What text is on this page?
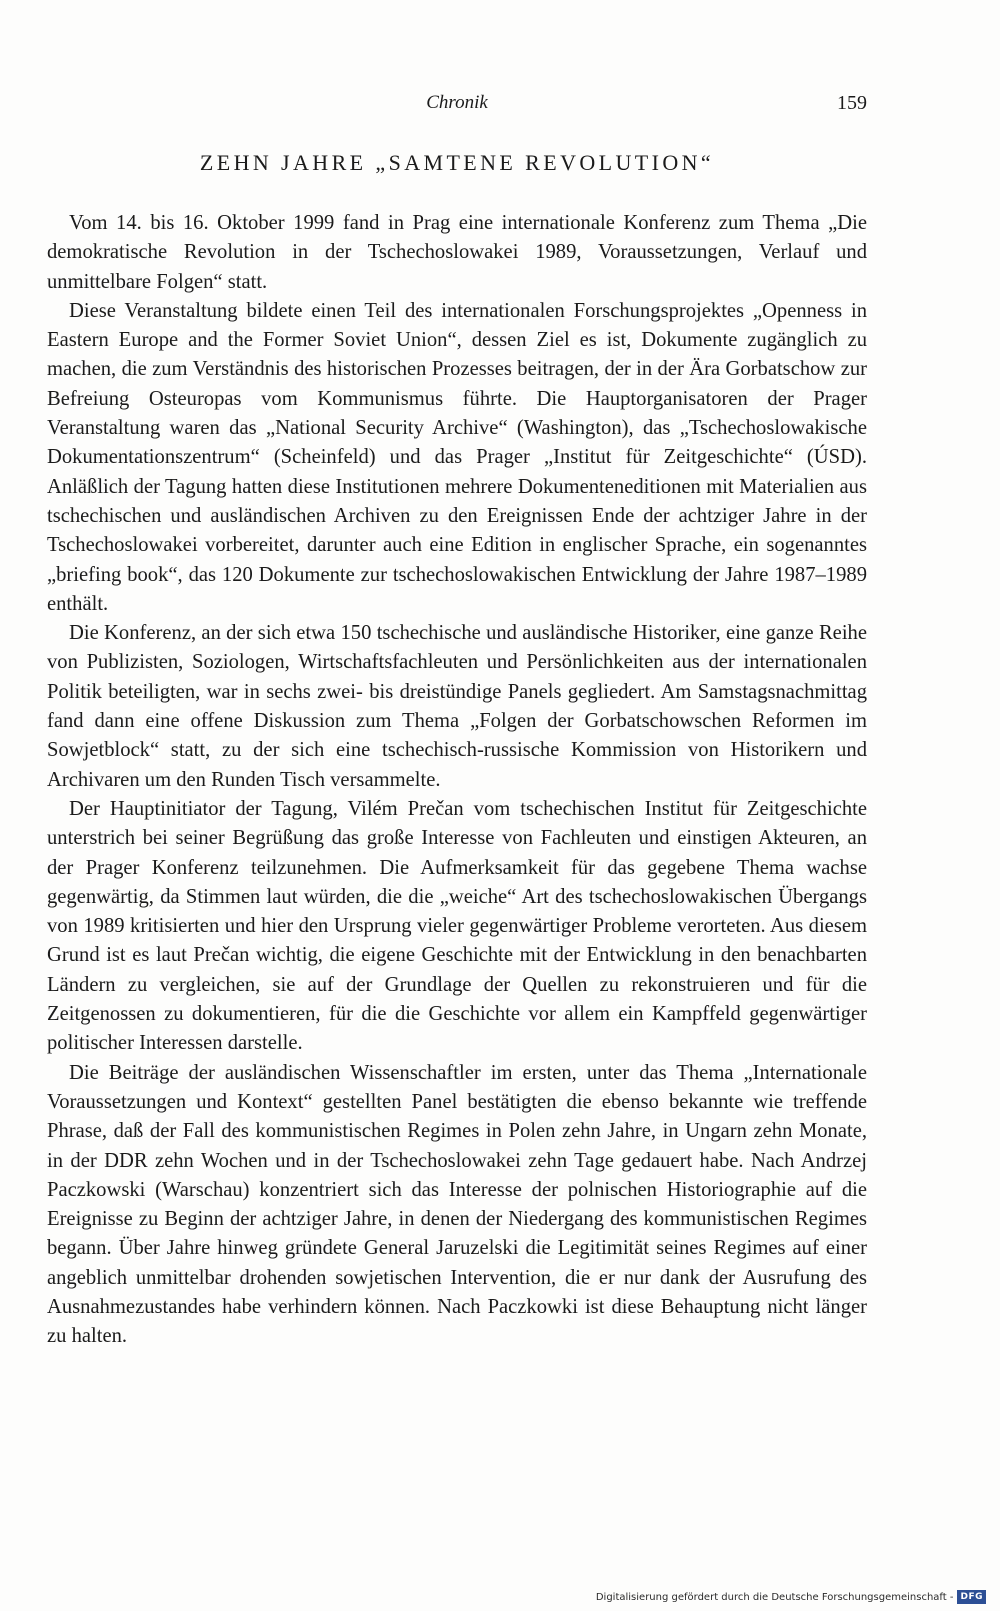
Chronik	159
ZEHN JAHRE „SAMTENE REVOLUTION“

Vom 14. bis 16. Oktober 1999 fand in Prag eine internationale Konferenz zum Thema „Die demokratische Revolution in der Tschechoslowakei 1989, Voraussetzungen, Verlauf und unmittelbare Folgen“ statt.

Diese Veranstaltung bildete einen Teil des internationalen Forschungsprojektes „Openness in Eastern Europe and the Former Soviet Union“, dessen Ziel es ist, Dokumente zugänglich zu machen, die zum Verständnis des historischen Prozesses beitragen, der in der Ära Gorbatschow zur Befreiung Osteuropas vom Kommunismus führte. Die Hauptorganisatoren der Prager Veranstaltung waren das „National Security Archive“ (Washington), das „Tschechoslowakische Dokumentationszentrum“ (Scheinfeld) und das Prager „Institut für Zeitgeschichte“ (ÚSD). Anläßlich der Tagung hatten diese Institutionen mehrere Dokumenteneditionen mit Materialien aus tschechischen und ausländischen Archiven zu den Ereignissen Ende der achtziger Jahre in der Tschechoslowakei vorbereitet, darunter auch eine Edition in englischer Sprache, ein sogenanntes „briefing book“, das 120 Dokumente zur tschechoslowakischen Entwicklung der Jahre 1987–1989 enthält.

Die Konferenz, an der sich etwa 150 tschechische und ausländische Historiker, eine ganze Reihe von Publizisten, Soziologen, Wirtschaftsfachleuten und Persönlichkeiten aus der internationalen Politik beteiligten, war in sechs zwei- bis dreistündige Panels gegliedert. Am Samstagsnachmittag fand dann eine offene Diskussion zum Thema „Folgen der Gorbatschowschen Reformen im Sowjetblock“ statt, zu der sich eine tschechisch-russische Kommission von Historikern und Archivaren um den Runden Tisch versammelte.

Der Hauptinitiator der Tagung, Vilém Prečan vom tschechischen Institut für Zeitgeschichte unterstrich bei seiner Begrüßung das große Interesse von Fachleuten und einstigen Akteuren, an der Prager Konferenz teilzunehmen. Die Aufmerksamkeit für das gegebene Thema wachse gegenwärtig, da Stimmen laut würden, die die „weiche“ Art des tschechoslowakischen Übergangs von 1989 kritisierten und hier den Ursprung vieler gegenwärtiger Probleme verorteten. Aus diesem Grund ist es laut Prečan wichtig, die eigene Geschichte mit der Entwicklung in den benachbarten Ländern zu vergleichen, sie auf der Grundlage der Quellen zu rekonstruieren und für die Zeitgenossen zu dokumentieren, für die die Geschichte vor allem ein Kampffeld gegenwärtiger politischer Interessen darstelle.

Die Beiträge der ausländischen Wissenschaftler im ersten, unter das Thema „Internationale Voraussetzungen und Kontext“ gestellten Panel bestätigten die ebenso bekannte wie treffende Phrase, daß der Fall des kommunistischen Regimes in Polen zehn Jahre, in Ungarn zehn Monate, in der DDR zehn Wochen und in der Tschechoslowakei zehn Tage gedauert habe. Nach Andrzej Paczkowski (Warschau) konzentriert sich das Interesse der polnischen Historiographie auf die Ereignisse zu Beginn der achtziger Jahre, in denen der Niedergang des kommunistischen Regimes begann. Über Jahre hinweg gründete General Jaruzelski die Legitimität seines Regimes auf einer angeblich unmittelbar drohenden sowjetischen Intervention, die er nur dank der Ausrufung des Ausnahmezustandes habe verhindern können. Nach Paczkowki ist diese Behauptung nicht länger zu halten.

Digitalisierung gefördert durch die Deutsche Forschungsgemeinschaft - DFG
